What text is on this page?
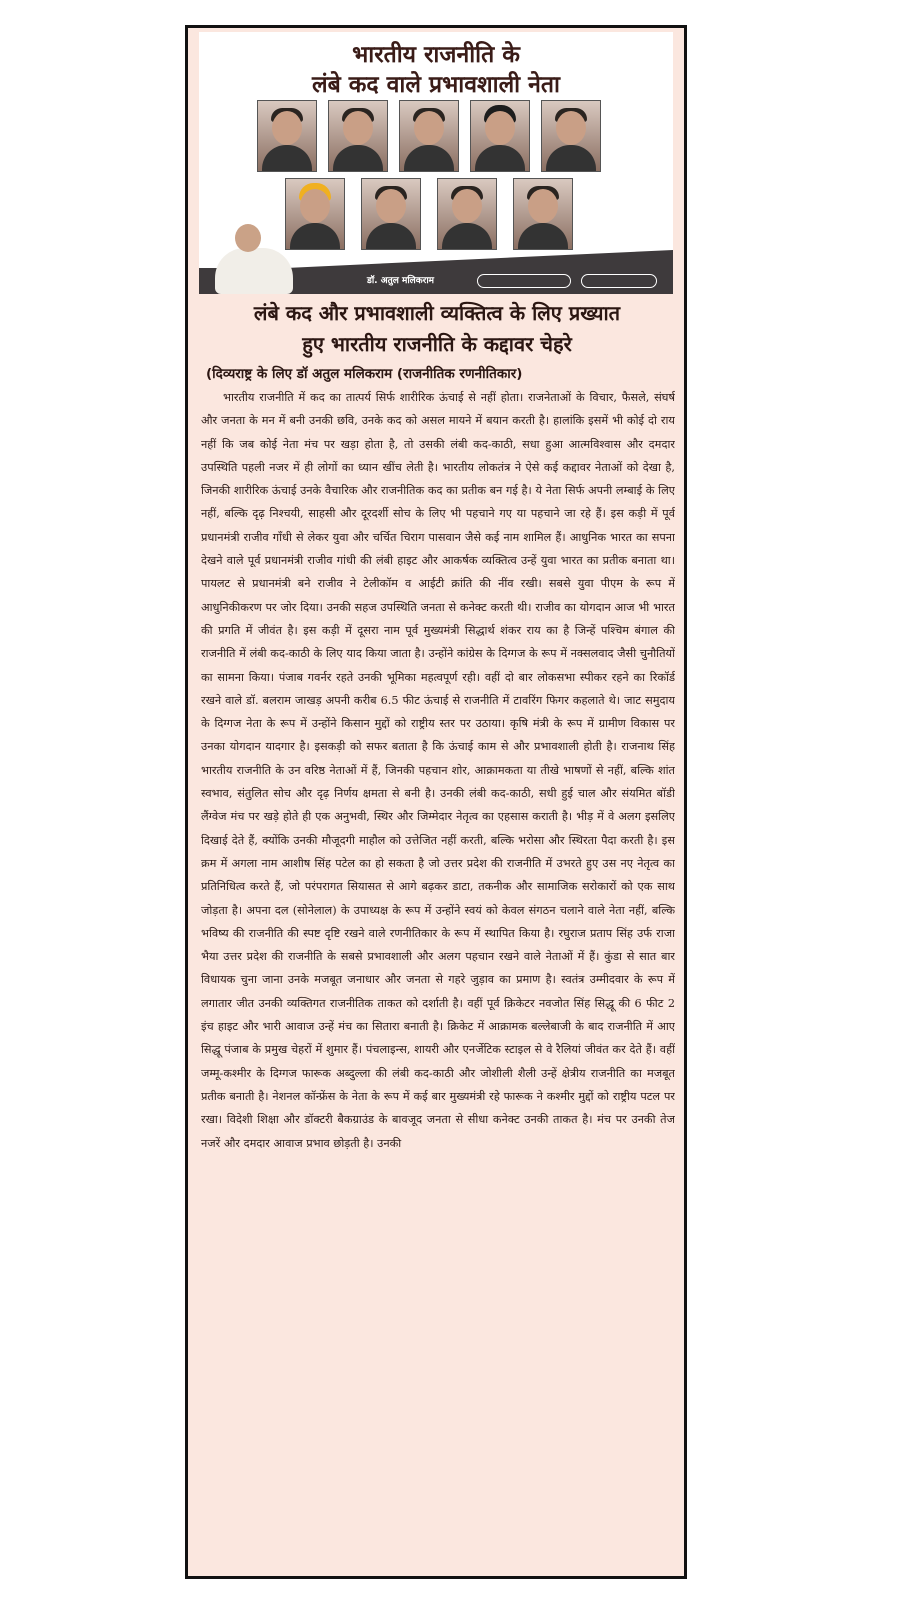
भारतीय राजनीति के
लंबे कद वाले प्रभावशाली नेता
डॉ. अतुल मलिकराम
लंबे कद और प्रभावशाली व्यक्तित्व के लिए प्रख्यात
हुए भारतीय राजनीति के कद्दावर चेहरे
(दिव्यराष्ट्र के लिए डॉ अतुल मलिकराम (राजनीतिक रणनीतिकार)
भारतीय राजनीति में कद का तात्पर्य सिर्फ शारीरिक ऊंचाई से नहीं होता। राजनेताओं के विचार, फैसले, संघर्ष और जनता के मन में बनी उनकी छवि, उनके कद को असल मायने में बयान करती है। हालांकि इसमें भी कोई दो राय नहीं कि जब कोई नेता मंच पर खड़ा होता है, तो उसकी लंबी कद-काठी, सधा हुआ आत्मविश्वास और दमदार उपस्थिति पहली नजर में ही लोगों का ध्यान खींच लेती है। भारतीय लोकतंत्र ने ऐसे कई कद्दावर नेताओं को देखा है, जिनकी शारीरिक ऊंचाई उनके वैचारिक और राजनीतिक कद का प्रतीक बन गई है। ये नेता सिर्फ अपनी लम्बाई के लिए नहीं, बल्कि दृढ़ निश्चयी, साहसी और दूरदर्शी सोच के लिए भी पहचाने गए या पहचाने जा रहे हैं। इस कड़ी में पूर्व प्रधानमंत्री राजीव गाँधी से लेकर युवा और चर्चित चिराग पासवान जैसे कई नाम शामिल हैं। आधुनिक भारत का सपना देखने वाले पूर्व प्रधानमंत्री राजीव गांधी की लंबी हाइट और आकर्षक व्यक्तित्व उन्हें युवा भारत का प्रतीक बनाता था। पायलट से प्रधानमंत्री बने राजीव ने टेलीकॉम व आईटी क्रांति की नींव रखी। सबसे युवा पीएम के रूप में आधुनिकीकरण पर जोर दिया। उनकी सहज उपस्थिति जनता से कनेक्ट करती थी। राजीव का योगदान आज भी भारत की प्रगति में जीवंत है। इस कड़ी में दूसरा नाम पूर्व मुख्यमंत्री सिद्धार्थ शंकर राय का है जिन्हें पश्चिम बंगाल की राजनीति में लंबी कद-काठी के लिए याद किया जाता है। उन्होंने कांग्रेस के दिग्गज के रूप में नक्सलवाद जैसी चुनौतियों का सामना किया। पंजाब गवर्नर रहते उनकी भूमिका महत्वपूर्ण रही। वहीं दो बार लोकसभा स्पीकर रहने का रिकॉर्ड रखने वाले डॉ. बलराम जाखड़ अपनी करीब 6.5 फीट ऊंचाई से राजनीति में टावरिंग फिगर कहलाते थे। जाट समुदाय के दिग्गज नेता के रूप में उन्होंने किसान मुद्दों को राष्ट्रीय स्तर पर उठाया। कृषि मंत्री के रूप में ग्रामीण विकास पर उनका योगदान यादगार है। इसकड़ी को सफर बताता है कि ऊंचाई काम से और प्रभावशाली होती है। राजनाथ सिंह भारतीय राजनीति के उन वरिष्ठ नेताओं में हैं, जिनकी पहचान शोर, आक्रामकता या तीखे भाषणों से नहीं, बल्कि शांत स्वभाव, संतुलित सोच और दृढ़ निर्णय क्षमता से बनी है। उनकी लंबी कद-काठी, सधी हुई चाल और संयमित बॉडी लैंग्वेज मंच पर खड़े होते ही एक अनुभवी, स्थिर और जिम्मेदार नेतृत्व का एहसास कराती है। भीड़ में वे अलग इसलिए दिखाई देते हैं, क्योंकि उनकी मौजूदगी माहौल को उत्तेजित नहीं करती, बल्कि भरोसा और स्थिरता पैदा करती है। इस क्रम में अगला नाम आशीष सिंह पटेल का हो सकता है जो उत्तर प्रदेश की राजनीति में उभरते हुए उस नए नेतृत्व का प्रतिनिधित्व करते हैं, जो परंपरागत सियासत से आगे बढ़कर डाटा, तकनीक और सामाजिक सरोकारों को एक साथ जोड़ता है। अपना दल (सोनेलाल) के उपाध्यक्ष के रूप में उन्होंने स्वयं को केवल संगठन चलाने वाले नेता नहीं, बल्कि भविष्य की राजनीति की स्पष्ट दृष्टि रखने वाले रणनीतिकार के रूप में स्थापित किया है। रघुराज प्रताप सिंह उर्फ राजा भैया उत्तर प्रदेश की राजनीति के सबसे प्रभावशाली और अलग पहचान रखने वाले नेताओं में हैं। कुंडा से सात बार विधायक चुना जाना उनके मजबूत जनाधार और जनता से गहरे जुड़ाव का प्रमाण है। स्वतंत्र उम्मीदवार के रूप में लगातार जीत उनकी व्यक्तिगत राजनीतिक ताकत को दर्शाती है। वहीं पूर्व क्रिकेटर नवजोत सिंह सिद्धू की 6 फीट 2 इंच हाइट और भारी आवाज उन्हें मंच का सितारा बनाती है। क्रिकेट में आक्रामक बल्लेबाजी के बाद राजनीति में आए सिद्धू पंजाब के प्रमुख चेहरों में शुमार हैं। पंचलाइन्स, शायरी और एनर्जेटिक स्टाइल से वे रैलियां जीवंत कर देते हैं। वहीं जम्मू-कश्मीर के दिग्गज फारूक अब्दुल्ला की लंबी कद-काठी और जोशीली शैली उन्हें क्षेत्रीय राजनीति का मजबूत प्रतीक बनाती है। नेशनल कॉन्फ्रेंस के नेता के रूप में कई बार मुख्यमंत्री रहे फारूक ने कश्मीर मुद्दों को राष्ट्रीय पटल पर रखा। विदेशी शिक्षा और डॉक्टरी बैकग्राउंड के बावजूद जनता से सीधा कनेक्ट उनकी ताकत है। मंच पर उनकी तेज नजरें और दमदार आवाज प्रभाव छोड़ती है। उनकी
